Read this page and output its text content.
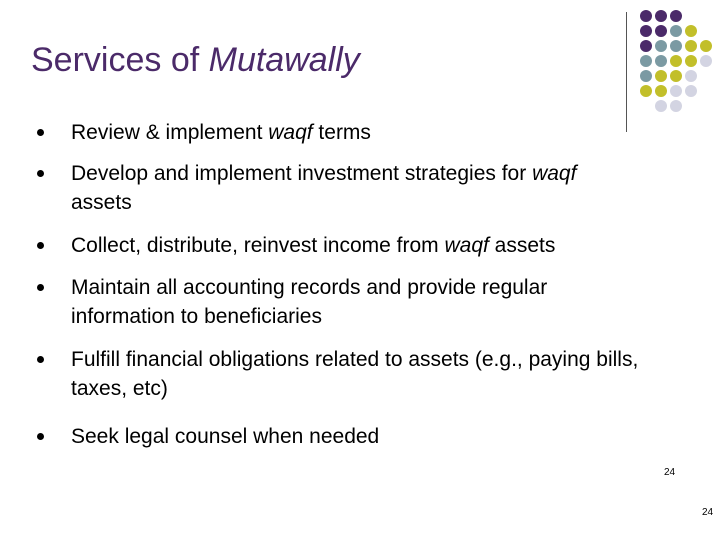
Services of Mutawally
Review & implement waqf terms
Develop and implement investment strategies for waqf
assets
Collect, distribute, reinvest income from waqf assets
Maintain all accounting records and provide regular information to beneficiaries
Fulfill financial obligations related to assets (e.g., paying bills, taxes, etc)
Seek legal counsel when needed
24
24
